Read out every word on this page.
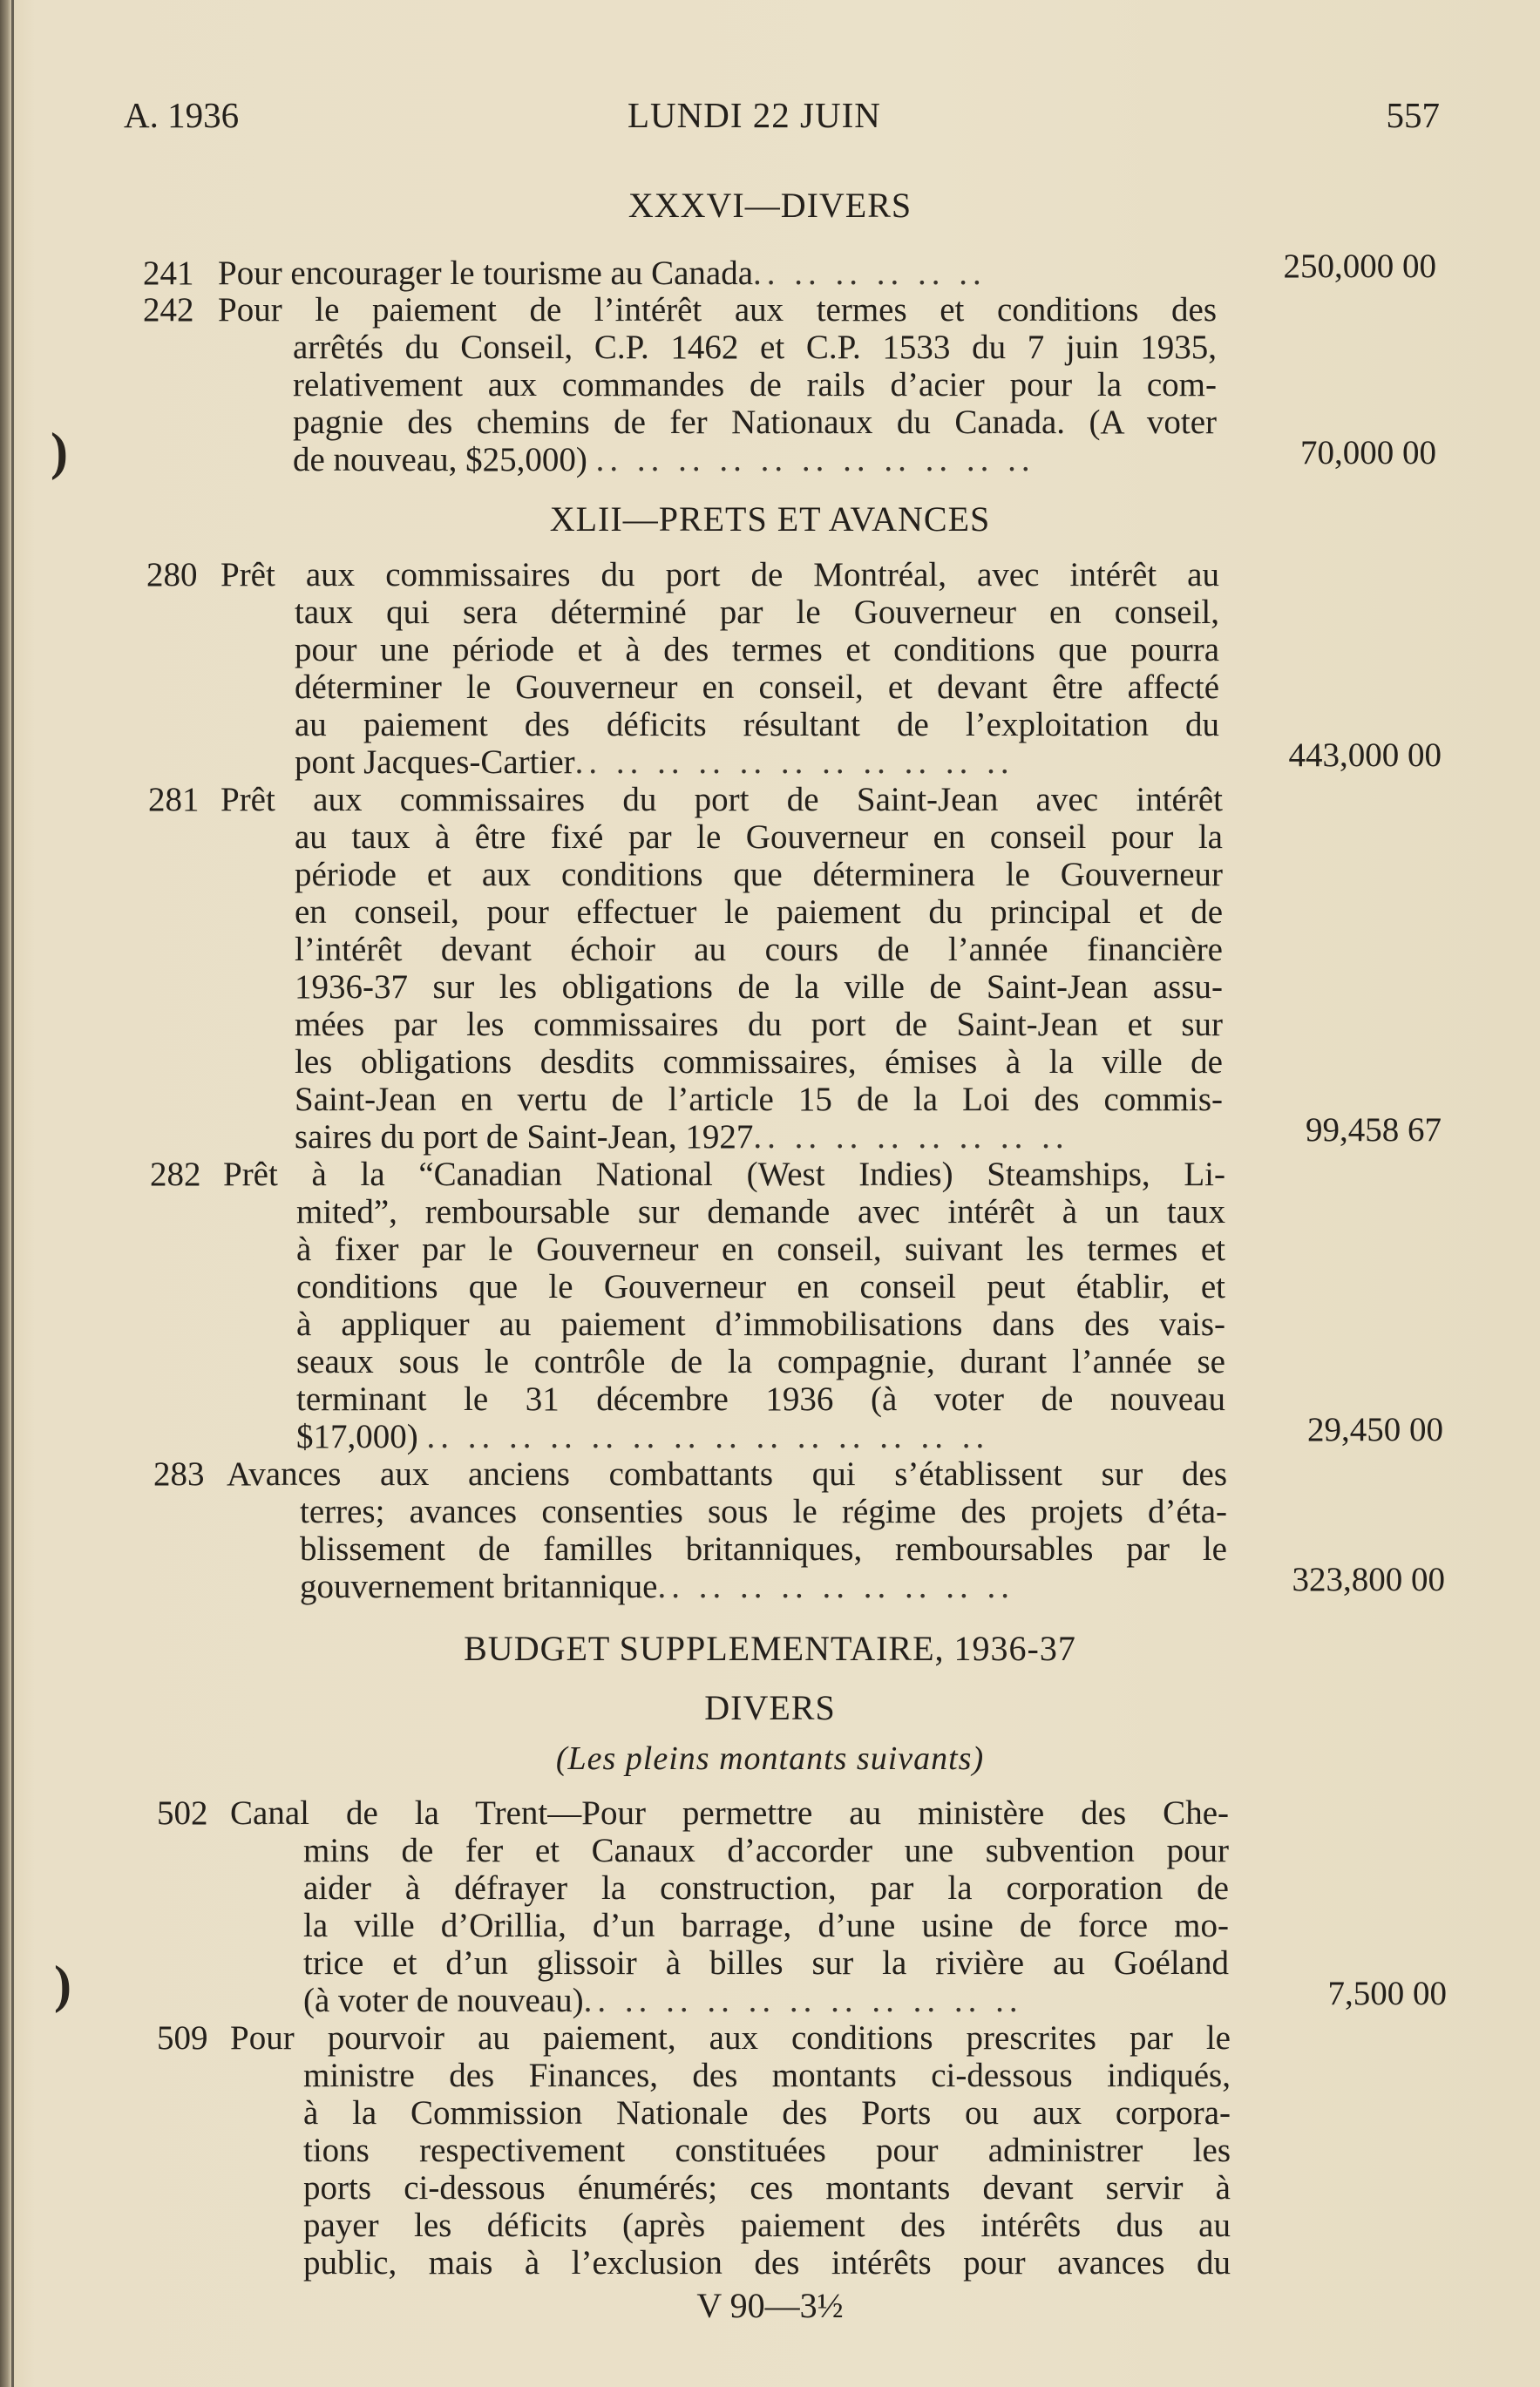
)
)
A. 1936	LUNDI 22 JUIN	557
XXXVI—DIVERS
241 Pour encourager le tourisme au Canada.. .. .. .. .. ..	250,000 00
242 Pour le paiement de l’intérêt aux termes et conditions des
arrêtés du Conseil, C.P. 1462 et C.P. 1533 du 7 juin 1935,
relativement aux commandes de rails d’acier pour la com-
pagnie des chemins de fer Nationaux du Canada. (A voter
de nouveau, $25,000) .. .. .. .. .. .. .. .. .. .. ..	70,000 00
XLII—PRETS ET AVANCES
280 Prêt aux commissaires du port de Montréal, avec intérêt au
taux qui sera déterminé par le Gouverneur en conseil,
pour une période et à des termes et conditions que pourra
déterminer le Gouverneur en conseil, et devant être affecté
au paiement des déficits résultant de l’exploitation du
pont Jacques-Cartier.. .. .. .. .. .. .. .. .. .. ..	443,000 00
281 Prêt aux commissaires du port de Saint-Jean avec intérêt
au taux à être fixé par le Gouverneur en conseil pour la
période et aux conditions que déterminera le Gouverneur
en conseil, pour effectuer le paiement du principal et de
l’intérêt devant échoir au cours de l’année financière
1936-37 sur les obligations de la ville de Saint-Jean assu-
mées par les commissaires du port de Saint-Jean et sur
les obligations desdits commissaires, émises à la ville de
Saint-Jean en vertu de l’article 15 de la Loi des commis-
saires du port de Saint-Jean, 1927.. .. .. .. .. .. .. ..	99,458 67
282 Prêt à la “Canadian National (West Indies) Steamships, Li-
mited”, remboursable sur demande avec intérêt à un taux
à fixer par le Gouverneur en conseil, suivant les termes et
conditions que le Gouverneur en conseil peut établir, et
à appliquer au paiement d’immobilisations dans des vais-
seaux sous le contrôle de la compagnie, durant l’année se
terminant le 31 décembre 1936 (à voter de nouveau
$17,000) .. .. .. .. .. .. .. .. .. .. .. .. .. ..	29,450 00
283 Avances aux anciens combattants qui s’établissent sur des
terres; avances consenties sous le régime des projets d’éta-
blissement de familles britanniques, remboursables par le
gouvernement britannique.. .. .. .. .. .. .. .. ..	323,800 00
BUDGET SUPPLEMENTAIRE, 1936-37
DIVERS
(Les pleins montants suivants)
502 Canal de la Trent—Pour permettre au ministère des Che-
mins de fer et Canaux d’accorder une subvention pour
aider à défrayer la construction, par la corporation de
la ville d’Orillia, d’un barrage, d’une usine de force mo-
trice et d’un glissoir à billes sur la rivière au Goéland
(à voter de nouveau).. .. .. .. .. .. .. .. .. .. ..	7,500 00
509 Pour pourvoir au paiement, aux conditions prescrites par le
ministre des Finances, des montants ci-dessous indiqués,
à la Commission Nationale des Ports ou aux corpora-
tions respectivement constituées pour administrer les
ports ci-dessous énumérés; ces montants devant servir à
payer les déficits (après paiement des intérêts dus au
public, mais à l’exclusion des intérêts pour avances du
V 90—3½
